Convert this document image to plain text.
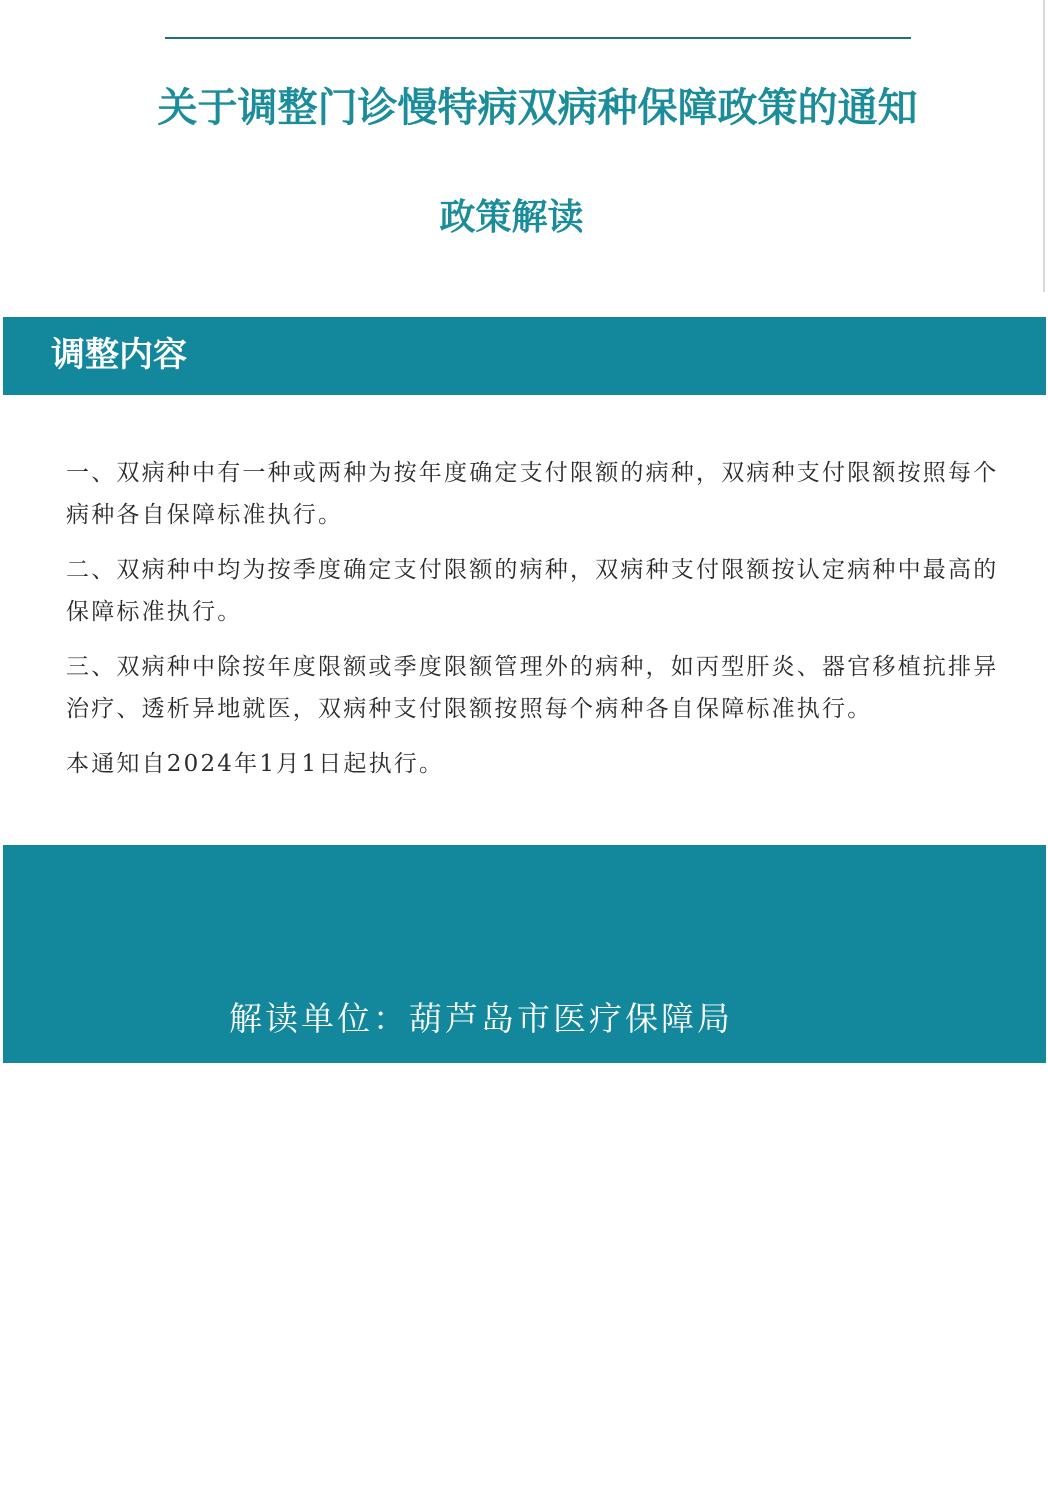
关于调整门诊慢特病双病种保障政策的通知
政策解读
调整内容

一、双病种中有一种或两种为按年度确定支付限额的病种，双病种支付限额按照每个病种各自保障标准执行。

二、双病种中均为按季度确定支付限额的病种，双病种支付限额按认定病种中最高的保障标准执行。

三、双病种中除按年度限额或季度限额管理外的病种，如丙型肝炎、器官移植抗排异治疗、透析异地就医，双病种支付限额按照每个病种各自保障标准执行。

本通知自2024年1月1日起执行。

解读单位：葫芦岛市医疗保障局

联 系 人 ：待遇保障科 王  超

联系方式：0429-2888812
